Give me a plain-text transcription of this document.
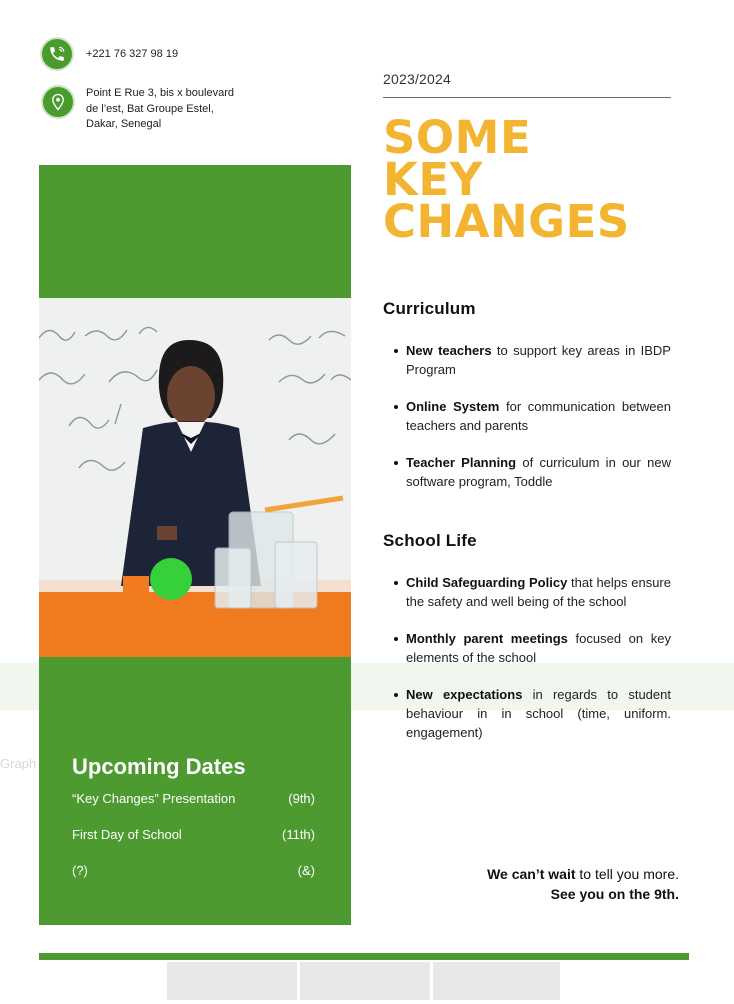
Graph
+221 76 327 98 19
Point E Rue 3, bis x boulevard
de l’est, Bat Groupe Estel,
Dakar, Senegal
Upcoming Dates
“Key Changes” Presentation	(9th)
First Day of School	(11th)
(?)	(&)
2023/2024
SOME
KEY
CHANGES
Curriculum
New teachers to support key areas in IBDP Program
Online System for communication between teachers and parents
Teacher Planning of curriculum in our new software program, Toddle
School Life
Child Safeguarding Policy that helps ensure the safety and well being of the school
Monthly parent meetings focused on key elements of the school
New expectations in regards to student behaviour in in school (time, uniform. engagement)
We can’t wait to tell you more.
See you on the 9th.
